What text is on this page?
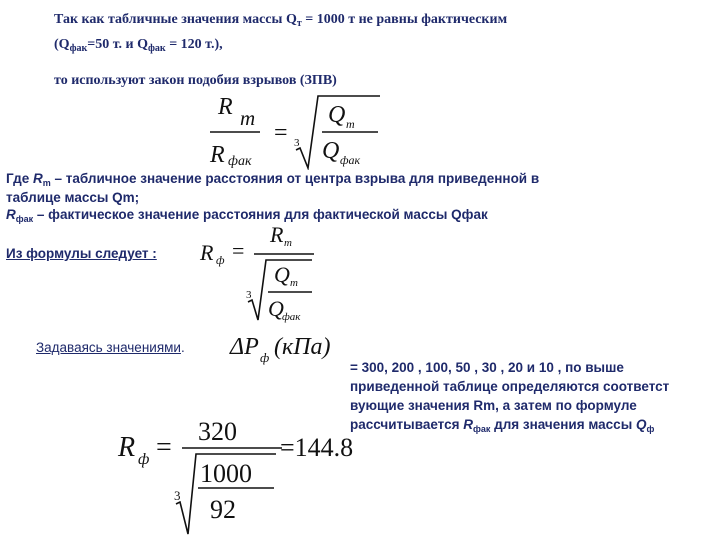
Так как табличные значения массы $Q_т = 1000$ т не равны фактическим
($Q_{фак}=50$ т. и $Q_{фак} = 120$ т.),
то используют закон подобия взрывов (ЗПВ)
R m
R фак
= 3
Q m
Q фак
Где $R_m$ – табличное значение расстояния от центра взрыва для приведенной в
таблице массы Qm;
$R_{фак}$ – фактическое значение расстояния для фактической массы Qфак
Из формулы следует : R ф =
R m
3
Q m
Q
фак
Задаваясь значениями. ΔP ф (кПа)
= 300, 200 , 100, 50 , 30 , 20 и 10 , по выше
приведенной таблице определяются соответст
вующие значения Rm, а затем по формуле
рассчитывается $R_{фак}$ для значения массы $Q_ф$
R ф =
320
3
1000
92
=144.8
